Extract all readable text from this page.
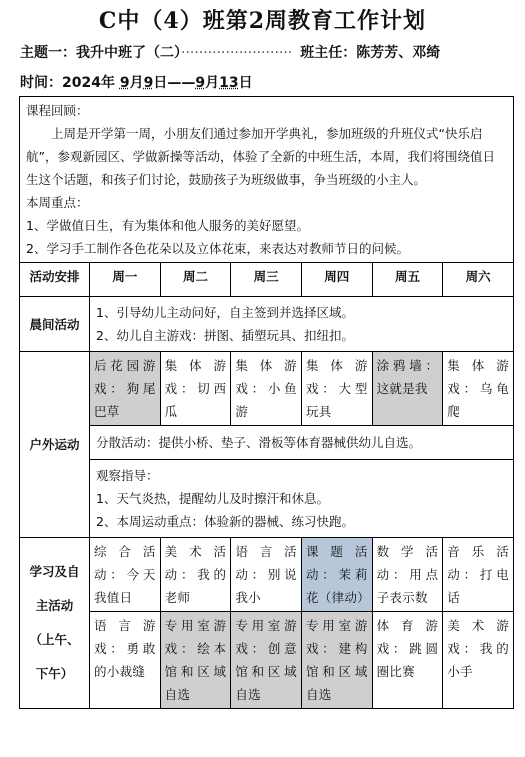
C中（4）班第2周教育工作计划
主题一：我升中班了（二）························· 班主任：陈芳芳、邓绮
时间：2024年 9月9日——9月13日

课程回顾：

上周是开学第一周，小朋友们通过参加开学典礼，参加班级的升班仪式“快乐启航”，参观新园区、学做新操等活动，体验了全新的中班生活，本周，我们将围绕值日生这个话题，和孩子们讨论，鼓励孩子为班级做事，争当班级的小主人。

本周重点：

1、学做值日生，有为集体和他人服务的美好愿望。

2、学习手工制作各色花朵以及立体花束，来表达对教师节日的问候。						

活动安排	周一	周二	周三	周四	周五	周六
晨间活动	1、引导幼儿主动问好，自主签到并选择区域。

2、幼儿自主游戏：拼图、插塑玩具、扣纽扣。					

户外运动	后花园游戏：狗尾巴草	集体游戏：切西瓜	集体游戏：小鱼游	集体游戏：大型玩具	涂鸦墙：这就是我	集体游戏：乌龟爬
	分散活动：提供小桥、垫子、滑板等体育器械供幼儿自选。					

	观察指导：

1、天气炎热，提醒幼儿及时擦汗和休息。

2、本周运动重点：体验新的器械、练习快跑。					

学习及自
主活动
（上午、
下午）	综合活动：今天我值日	美术活动：我的老师	语言活动：别说我小	课题活动：茉莉花（律动）	数学活动：用点子表示数	音乐活动：打电话
	语言游戏：勇敢的小裁缝	专用室游戏：绘本馆和区域自选	专用室游戏：创意馆和区域自选	专用室游戏：建构馆和区域自选	体育游戏：跳圆圈比赛	美术游戏：我的小手
